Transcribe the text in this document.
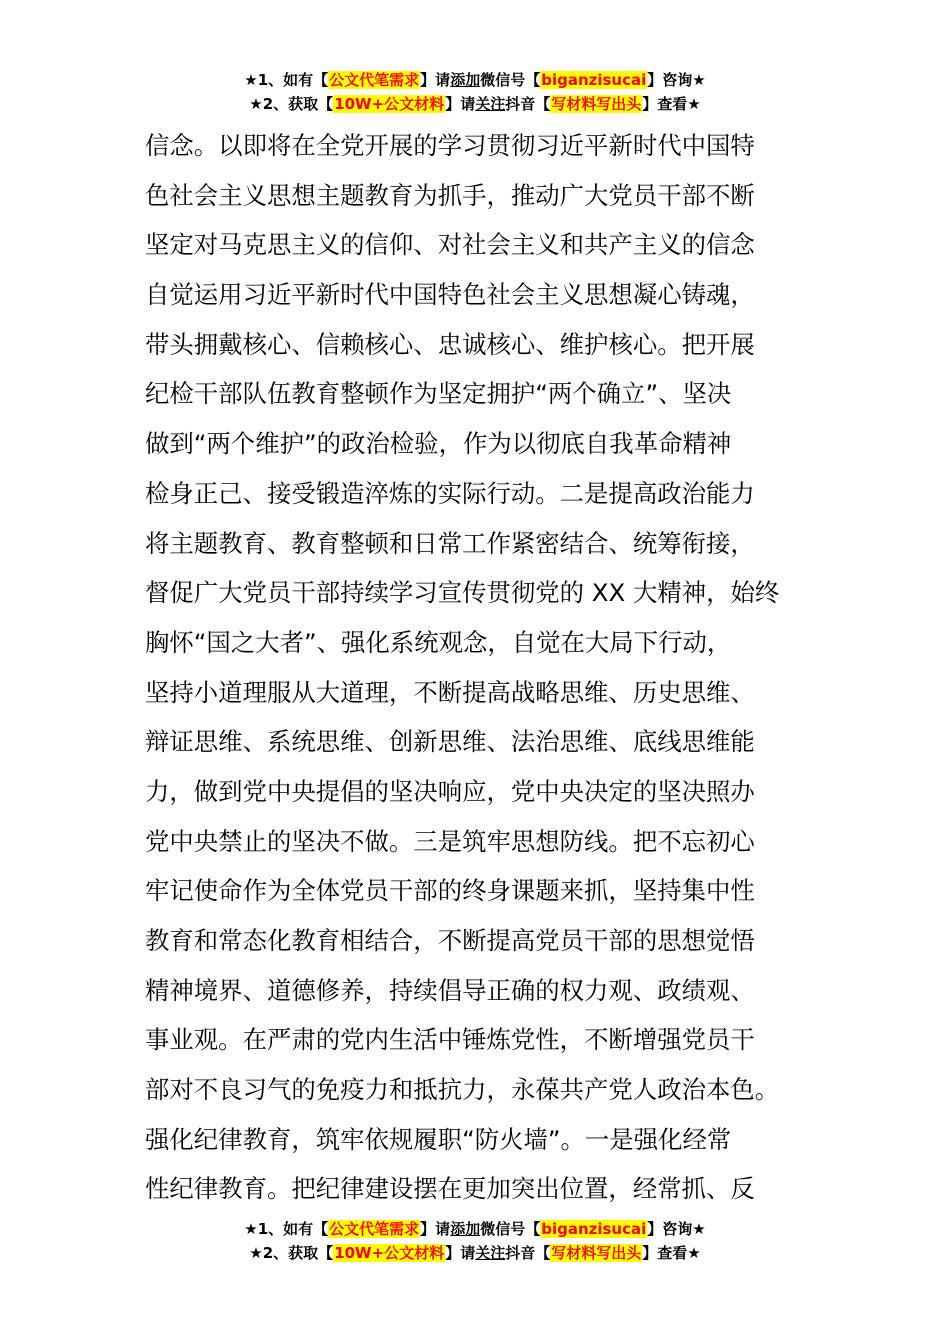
★1、如有【公文代笔需求】请添加微信号【biganzisucai】咨询★
★2、获取【10W+公文材料】请关注抖音【写材料写出头】查看★
信念。以即将在全党开展的学习贯彻习近平新时代中国特
色社会主义思想主题教育为抓手，推动广大党员干部不断
坚定对马克思主义的信仰、对社会主义和共产主义的信念
自觉运用习近平新时代中国特色社会主义思想凝心铸魂，
带头拥戴核心、信赖核心、忠诚核心、维护核心。把开展
纪检干部队伍教育整顿作为坚定拥护“两个确立”、坚决
做到“两个维护”的政治检验，作为以彻底自我革命精神
检身正己、接受锻造淬炼的实际行动。二是提高政治能力
将主题教育、教育整顿和日常工作紧密结合、统筹衔接，
督促广大党员干部持续学习宣传贯彻党的 XX 大精神，始终
胸怀“国之大者”、强化系统观念，自觉在大局下行动，
坚持小道理服从大道理，不断提高战略思维、历史思维、
辩证思维、系统思维、创新思维、法治思维、底线思维能
力，做到党中央提倡的坚决响应，党中央决定的坚决照办
党中央禁止的坚决不做。三是筑牢思想防线。把不忘初心
牢记使命作为全体党员干部的终身课题来抓，坚持集中性
教育和常态化教育相结合，不断提高党员干部的思想觉悟
精神境界、道德修养，持续倡导正确的权力观、政绩观、
事业观。在严肃的党内生活中锤炼党性，不断增强党员干
部对不良习气的免疫力和抵抗力，永葆共产党人政治本色。
强化纪律教育，筑牢依规履职“防火墙”。一是强化经常
性纪律教育。把纪律建设摆在更加突出位置，经常抓、反
★1、如有【公文代笔需求】请添加微信号【biganzisucai】咨询★
★2、获取【10W+公文材料】请关注抖音【写材料写出头】查看★
